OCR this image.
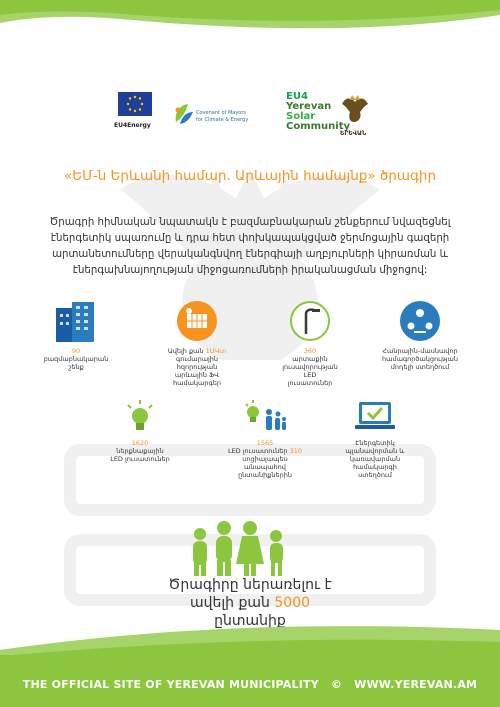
EU4Energy
Covenant of Mayors
for Climate & Energy
EU4
Yerevan
Solar
Community
ԵՐԵՎԱՆ
«ԵՄ-ն Երևանի համար. Արևային համայնք» ծրագիր
Ծրագրի հիմնական նպատակն է բազմաբնակարան շենքերում նվազեցնել էներգետիկ սպառումը և դրա հետ փոխկապակցված ջերմոցային գազերի արտանետումները վերականգնվող էներգիայի աղբյուրների կիրառման և էներգախնայողության միջոցառումների իրականացման միջոցով:
90
բազմաբնակարան
շենք
Ավելի քան 1ՄՎտ
գումարային
հզորության
արևային ՖՎ
համակարգեր
360
արտաքին
լուսավորության
LED
լուսատուներ
Հանրային-մասնավոր
համագործակցության
մոդելի ստեղծում
1620
ներքնաքային
LED լուսատուներ
1565
LED լուսատուներ 310
սոցիալապես
անապահով
ընտանիքներին
Էներգետիկ
պլանավորման և
կառավարման
համակարգի
ստեղծում
Ծրագիրը ներառելու է
ավելի քան 5000
ընտանիք
THE OFFICIAL SITE OF YEREVAN MUNICIPALITY © WWW.YEREVAN.AM
